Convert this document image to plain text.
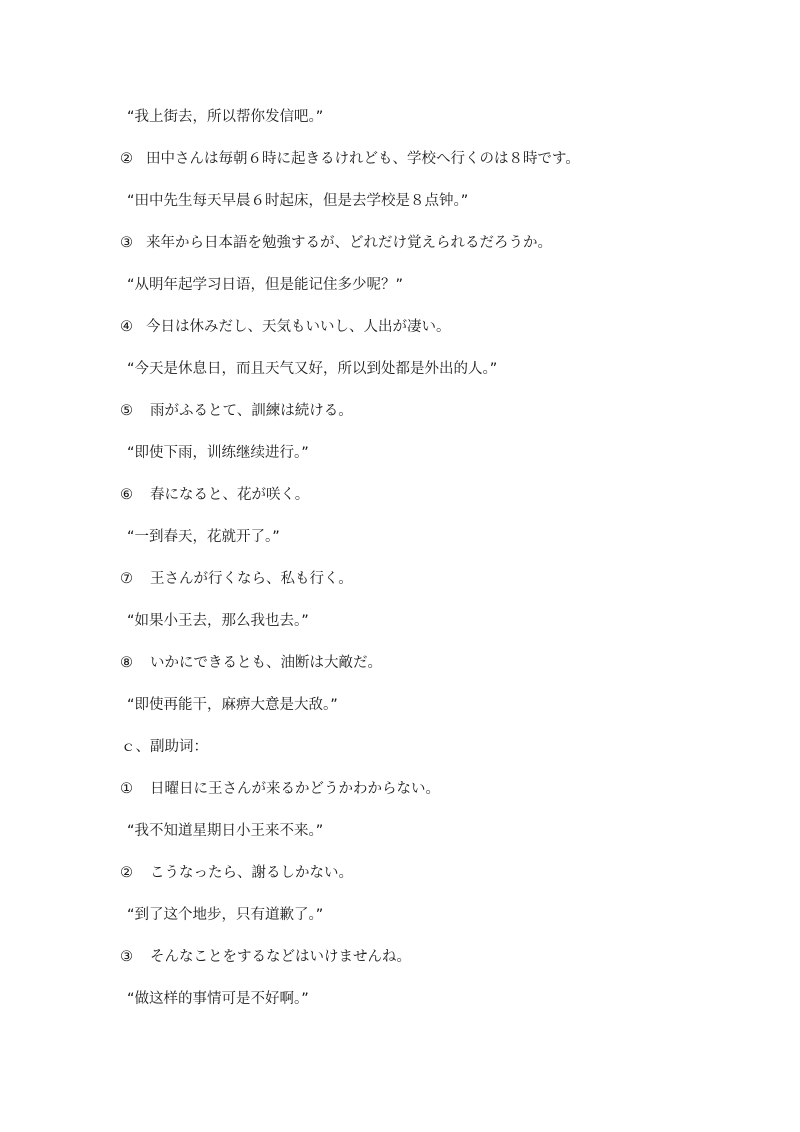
“我上街去，所以帮你发信吧。”
② 田中さんは毎朝６時に起きるけれども、学校へ行くのは８時です。
“田中先生每天早晨６时起床，但是去学校是８点钟。”
③ 来年から日本語を勉強するが、どれだけ覚えられるだろうか。
“从明年起学习日语，但是能记住多少呢？”
④ 今日は休みだし、天気もいいし、人出が凄い。
“今天是休息日，而且天气又好，所以到处都是外出的人。”
⑤ 雨がふるとて、訓練は続ける。
“即使下雨，训练继续进行。”
⑥ 春になると、花が咲く。
“一到春天，花就开了。”
⑦ 王さんが行くなら、私も行く。
“如果小王去，那么我也去。”
⑧ いかにできるとも、油断は大敵だ。
“即使再能干，麻痹大意是大敌。”
ｃ、副助词：
① 日曜日に王さんが来るかどうかわからない。
“我不知道星期日小王来不来。”
② こうなったら、謝るしかない。
“到了这个地步，只有道歉了。”
③ そんなことをするなどはいけませんね。
“做这样的事情可是不好啊。”
